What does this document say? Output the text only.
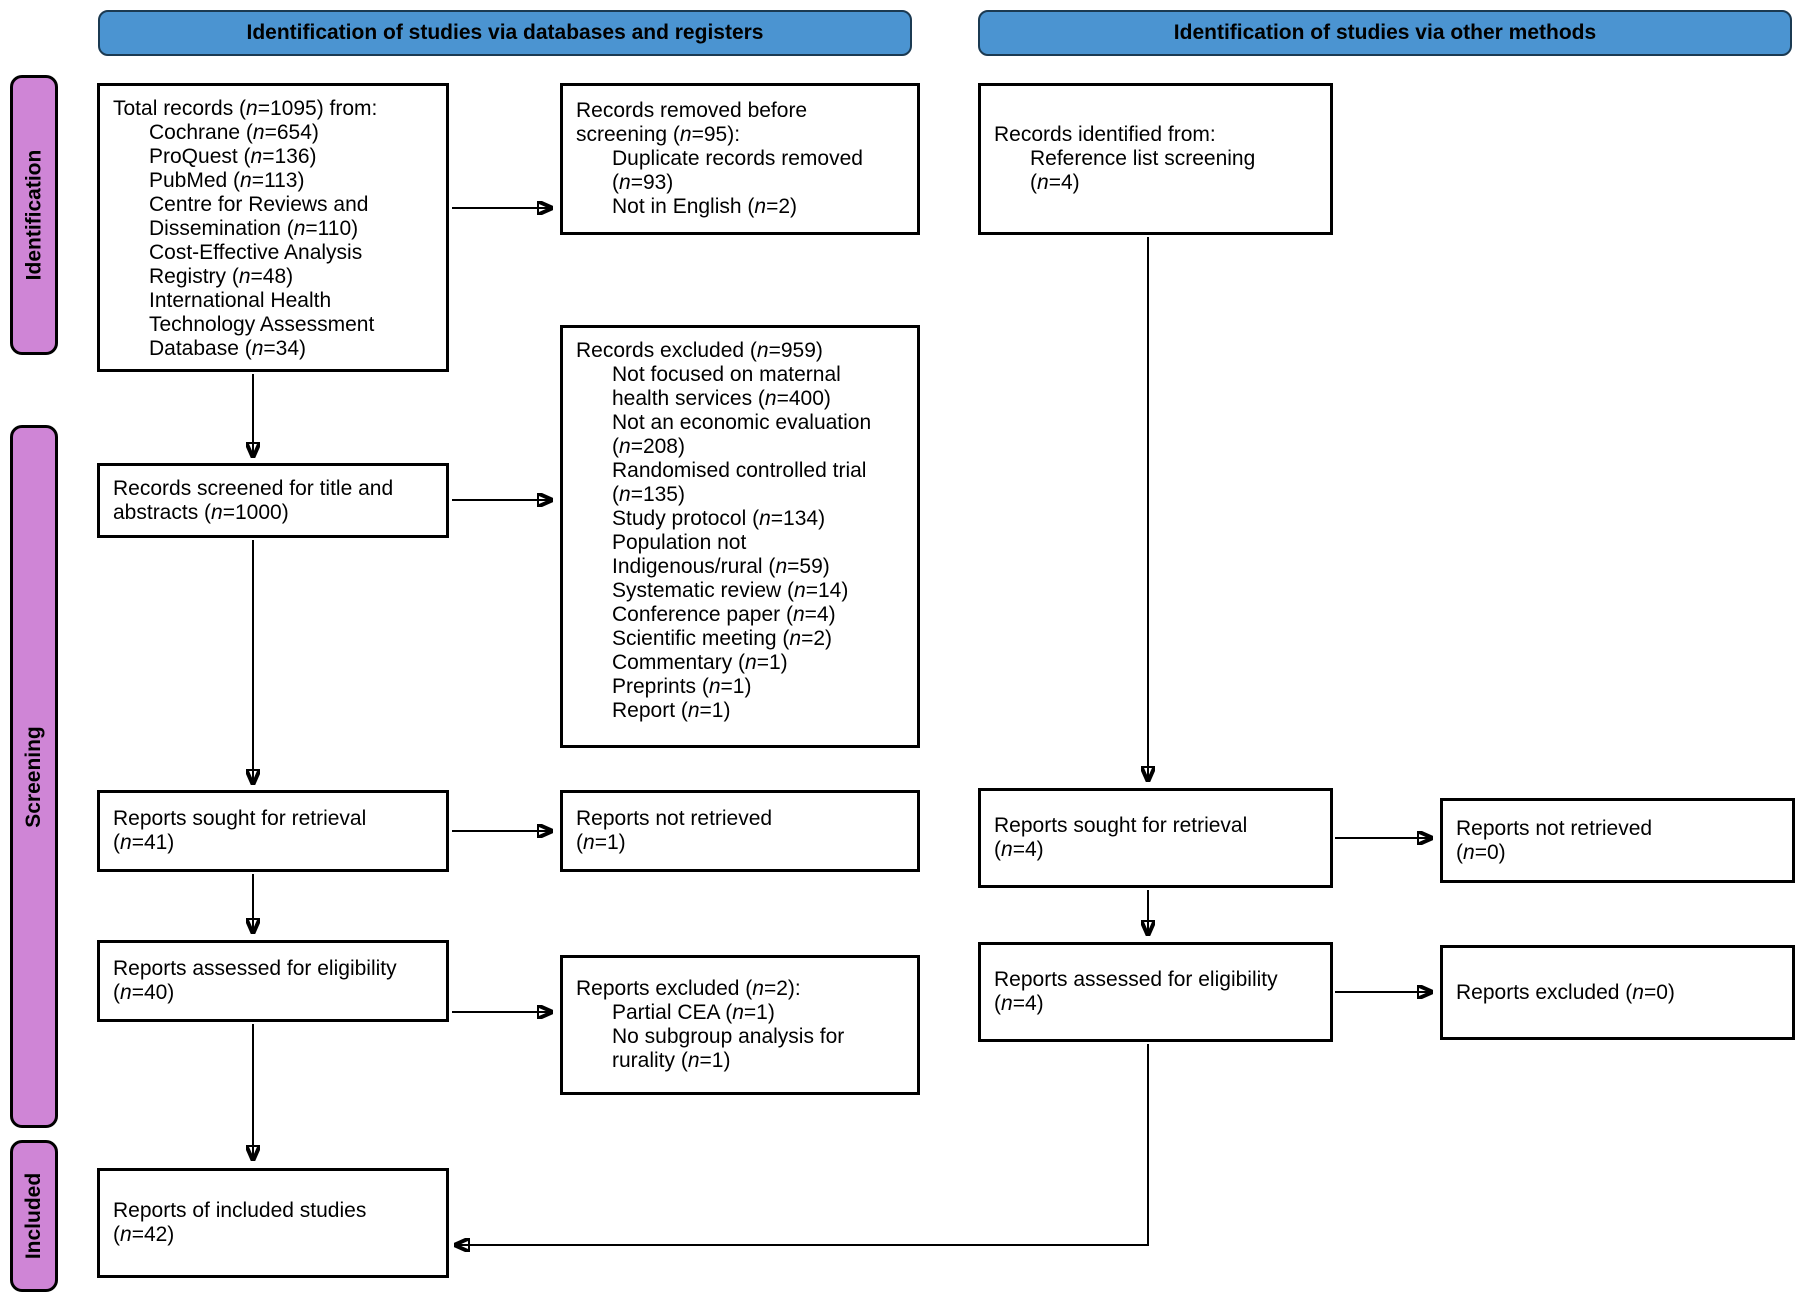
Identification of studies via databases and registers	Identification of studies via other methods
Identification
Screening
Included
Total records (n=1095) from:
Cochrane (n=654)
ProQuest (n=136)
PubMed (n=113)
Centre for Reviews and
Dissemination (n=110)
Cost-Effective Analysis
Registry (n=48)
International Health
Technology Assessment
Database (n=34)
Records removed before
screening (n=95):
Duplicate records removed
(n=93)
Not in English (n=2)
Records identified from:
Reference list screening
(n=4)
Records excluded (n=959)
Not focused on maternal
health services (n=400)
Not an economic evaluation
(n=208)
Randomised controlled trial
(n=135)
Study protocol (n=134)
Population not
Indigenous/rural (n=59)
Systematic review (n=14)
Conference paper (n=4)
Scientific meeting (n=2)
Commentary (n=1)
Preprints (n=1)
Report (n=1)
Records screened for title and
abstracts (n=1000)
Reports sought for retrieval
(n=41)
Reports not retrieved
(n=1)
Reports sought for retrieval
(n=4)
Reports not retrieved
(n=0)
Reports assessed for eligibility
(n=40)	Reports excluded (n=2):
Partial CEA (n=1)
No subgroup analysis for
rurality (n=1)
Reports assessed for eligibility
(n=4)	Reports excluded (n=0)
Reports of included studies
(n=42)
